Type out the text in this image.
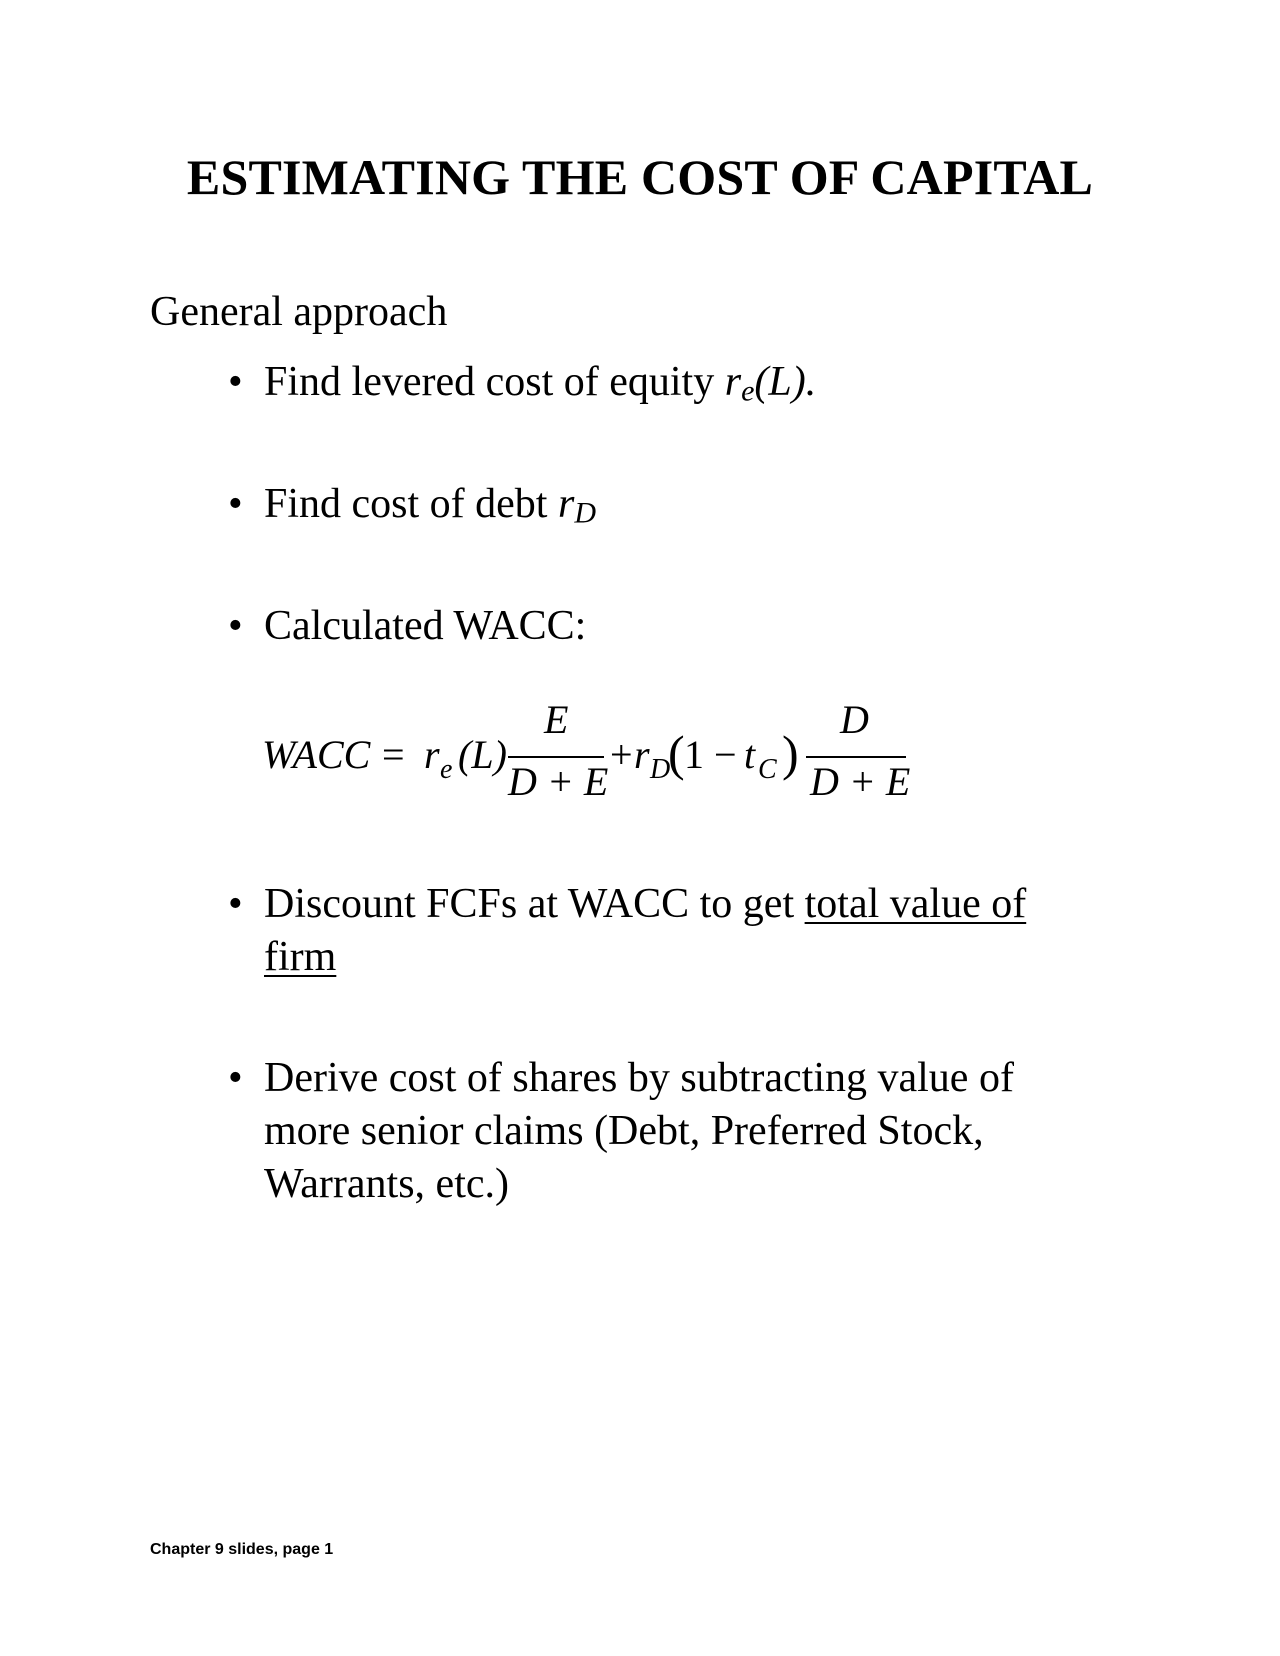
ESTIMATING THE COST OF CAPITAL
General approach
• Find levered cost of equity re(L).
• Find cost of debt rD
• Calculated WACC:
WACC = r e (L)
E
D + E
+ r D
( 1 − t C )
D
D + E
• Discount FCFs at WACC to get total value of
firm
• Derive cost of shares by subtracting value of
more senior claims (Debt, Preferred Stock,
Warrants, etc.)
Chapter 9 slides, page 1
